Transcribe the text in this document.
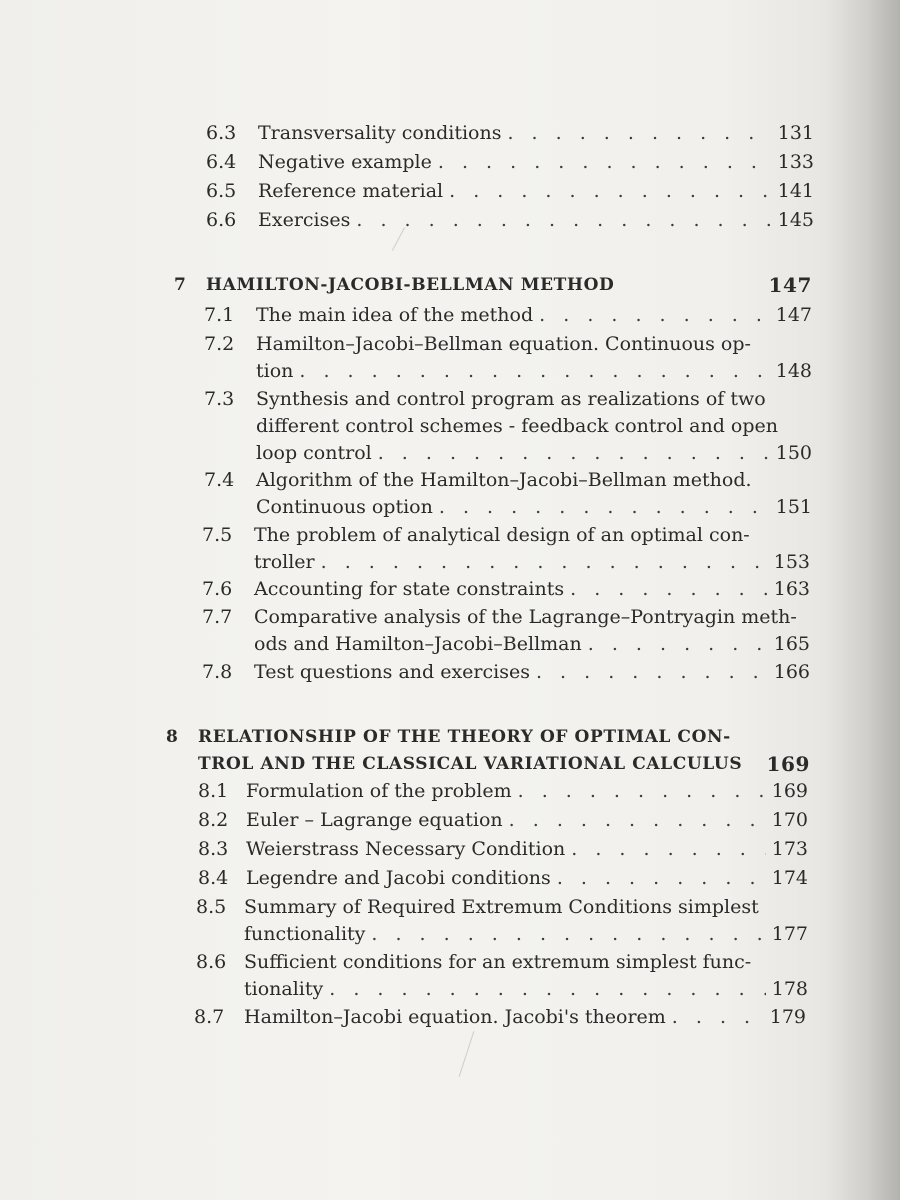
6.3 Transversality conditions . . .	131
6.4 Negative example . . .	133
6.5 Reference material . . .	141
6.6 Exercises . . .	145
7 HAMILTON-JACOBI-BELLMAN METHOD	147
7.1 The main idea of the method . . .	147
7.2 Hamilton–Jacobi–Bellman equation. Continuous op-
tion . . .	148
7.3 Synthesis and control program as realizations of two
different control schemes - feedback control and open
loop control . . .	150
7.4 Algorithm of the Hamilton–Jacobi–Bellman method.
Continuous option . . .	151
7.5 The problem of analytical design of an optimal con-
troller . . .	153
7.6 Accounting for state constraints . . .	163
7.7 Comparative analysis of the Lagrange–Pontryagin meth-
ods and Hamilton–Jacobi–Bellman . . .	165
7.8 Test questions and exercises . . .	166
8 RELATIONSHIP OF THE THEORY OF OPTIMAL CON-
TROL AND THE CLASSICAL VARIATIONAL CALCULUS 169
8.1 Formulation of the problem . . .	169
8.2 Euler – Lagrange equation . . .	170
8.3 Weierstrass Necessary Condition . . .	173
8.4 Legendre and Jacobi conditions . . .	174
8.5 Summary of Required Extremum Conditions simplest
functionality . . .	177
8.6 Sufficient conditions for an extremum simplest func-
tionality . . .	178
8.7 Hamilton–Jacobi equation. Jacobi's theorem . . .	179
